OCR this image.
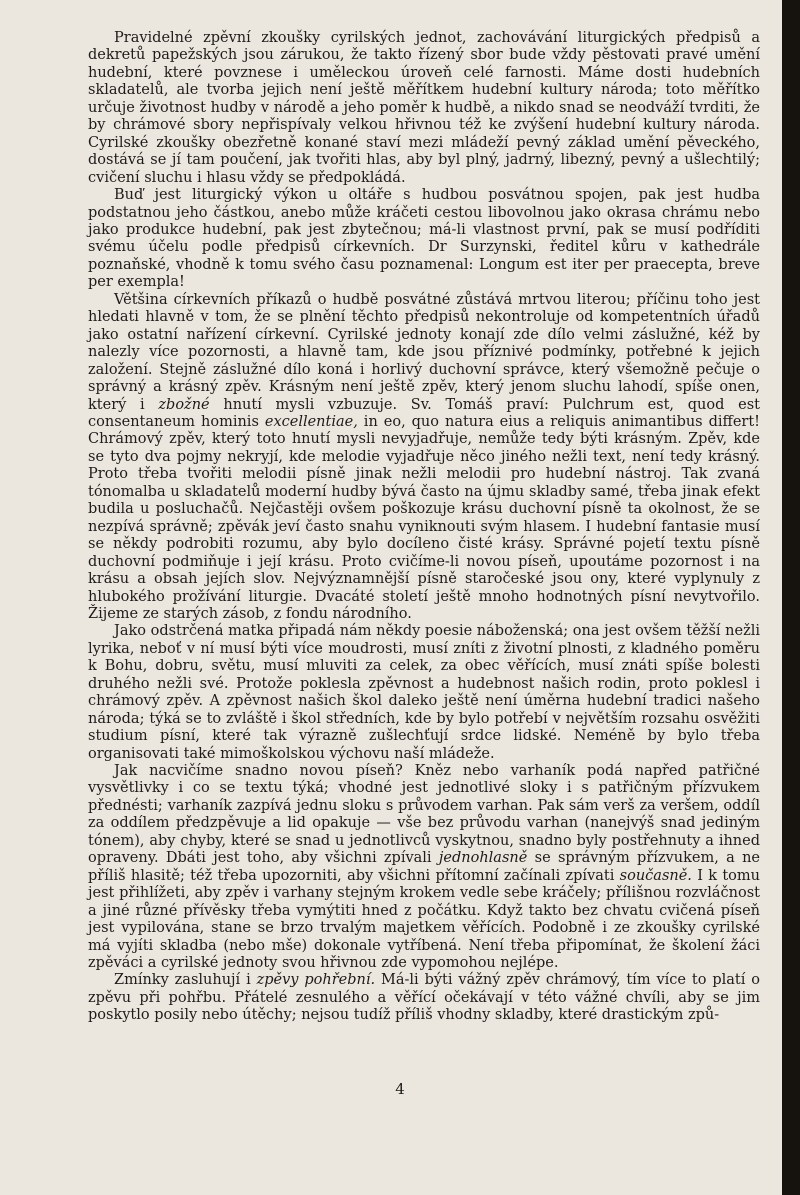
Pravidelné zpěvní zkoušky cyrilských jednot, zachovávání liturgických předpisů a dekretů papežských jsou zárukou, že takto řízený sbor bude vždy pěstovati pravé umění hudební, které povznese i uměleckou úroveň celé farnosti. Máme dosti hudebních skladatelů, ale tvorba jejich není ještě měřítkem hudební kultury národa; toto měřítko určuje životnost hudby v národě a jeho poměr k hudbě, a nikdo snad se neodváží tvrditi, že by chrámové sbory nepřispívaly velkou hřivnou též ke zvýšení hudební kultury národa. Cyrilské zkoušky obezřetně konané staví mezi mládeží pevný základ umění pěveckého, dostává se jí tam poučení, jak tvořiti hlas, aby byl plný, jadrný, libezný, pevný a ušlechtilý; cvičení sluchu i hlasu vždy se předpokládá.

Buď jest liturgický výkon u oltáře s hudbou posvátnou spojen, pak jest hudba podstatnou jeho částkou, anebo může kráčeti cestou libovolnou jako okrasa chrámu nebo jako produkce hudební, pak jest zbytečnou; má-li vlastnost první, pak se musí podříditi svému účelu podle předpisů církevních. Dr Surzynski, ředitel kůru v kathedrále poznaňské, vhodně k tomu svého času poznamenal: Longum est iter per praecepta, breve per exempla!

Většina církevních příkazů o hudbě posvátné zůstává mrtvou literou; příčinu toho jest hledati hlavně v tom, že se plnění těchto předpisů nekontroluje od kompetentních úřadů jako ostatní nařízení církevní. Cyrilské jednoty konají zde dílo velmi záslužné, kéž by nalezly více pozornosti, a hlavně tam, kde jsou příznivé podmínky, potřebné k jejich založení. Stejně záslužné dílo koná i horlivý duchovní správce, který všemožně pečuje o správný a krásný zpěv. Krásným není ještě zpěv, který jenom sluchu lahodí, spíše onen, který i zbožné hnutí mysli vzbuzuje. Sv. Tomáš praví: Pulchrum est, quod est consentaneum hominis excellentiae, in eo, quo natura eius a reliquis animantibus differt! Chrámový zpěv, který toto hnutí mysli nevyjadřuje, nemůže tedy býti krásným. Zpěv, kde se tyto dva pojmy nekryjí, kde melodie vyjadřuje něco jiného nežli text, není tedy krásný. Proto třeba tvořiti melodii písně jinak nežli melodii pro hudební nástroj. Tak zvaná tónomalba u skladatelů moderní hudby bývá často na újmu skladby samé, třeba jinak efekt budila u posluchačů. Nejčastěji ovšem poškozuje krásu duchovní písně ta okolnost, že se nezpívá správně; zpěvák jeví často snahu vyniknouti svým hlasem. I hudební fantasie musí se někdy podrobiti rozumu, aby bylo docíleno čisté krásy. Správné pojetí textu písně duchovní podmiňuje i její krásu. Proto cvičíme-li novou píseň, upoutáme pozornost i na krásu a obsah jejích slov. Nejvýznamnější písně staročeské jsou ony, které vyplynuly z hlubokého prožívání liturgie. Dvacáté století ještě mnoho hodnotných písní nevytvořilo. Žijeme ze starých zásob, z fondu národního.

Jako odstrčená matka připadá nám někdy poesie náboženská; ona jest ovšem těžší nežli lyrika, neboť v ní musí býti více moudrosti, musí zníti z životní plnosti, z kladného poměru k Bohu, dobru, světu, musí mluviti za celek, za obec věřících, musí znáti spíše bolesti druhého nežli své. Protože poklesla zpěvnost a hudebnost našich rodin, proto poklesl i chrámový zpěv. A zpěvnost našich škol daleko ještě není úměrna hudební tradici našeho národa; týká se to zvláště i škol středních, kde by bylo potřebí v největším rozsahu osvěžiti studium písní, které tak výrazně zušlechťují srdce lidské. Neméně by bylo třeba organisovati také mimoškolskou výchovu naší mládeže.

Jak nacvičíme snadno novou píseň? Kněz nebo varhaník podá napřed patřičné vysvětlivky i co se textu týká; vhodné jest jednotlivé sloky i s patřičným přízvukem přednésti; varhaník zazpívá jednu sloku s průvodem varhan. Pak sám verš za veršem, oddíl za oddílem předzpěvuje a lid opakuje — vše bez průvodu varhan (nanejvýš snad jediným tónem), aby chyby, které se snad u jednotlivců vyskytnou, snadno byly postřehnuty a ihned opraveny. Dbáti jest toho, aby všichni zpívali jednohlasně se správným přízvukem, a ne příliš hlasitě; též třeba upozorniti, aby všichni přítomní začínali zpívati současně. I k tomu jest přihlížeti, aby zpěv i varhany stejným krokem vedle sebe kráčely; přílišnou rozvláčnost a jiné různé přívěsky třeba vymýtiti hned z počátku. Když takto bez chvatu cvičená píseň jest vypilována, stane se brzo trvalým majetkem věřících. Podobně i ze zkoušky cyrilské má vyjíti skladba (nebo mše) dokonale vytříbená. Není třeba připomínat, že školení žáci zpěváci a cyrilské jednoty svou hřivnou zde vypomohou nejlépe.

Zmínky zasluhují i zpěvy pohřební. Má-li býti vážný zpěv chrámový, tím více to platí o zpěvu při pohřbu. Přátelé zesnulého a věřící očekávají v této vážné chvíli, aby se jim poskytlo posily nebo útěchy; nejsou tudíž příliš vhodny skladby, které drastickým způ-

4
